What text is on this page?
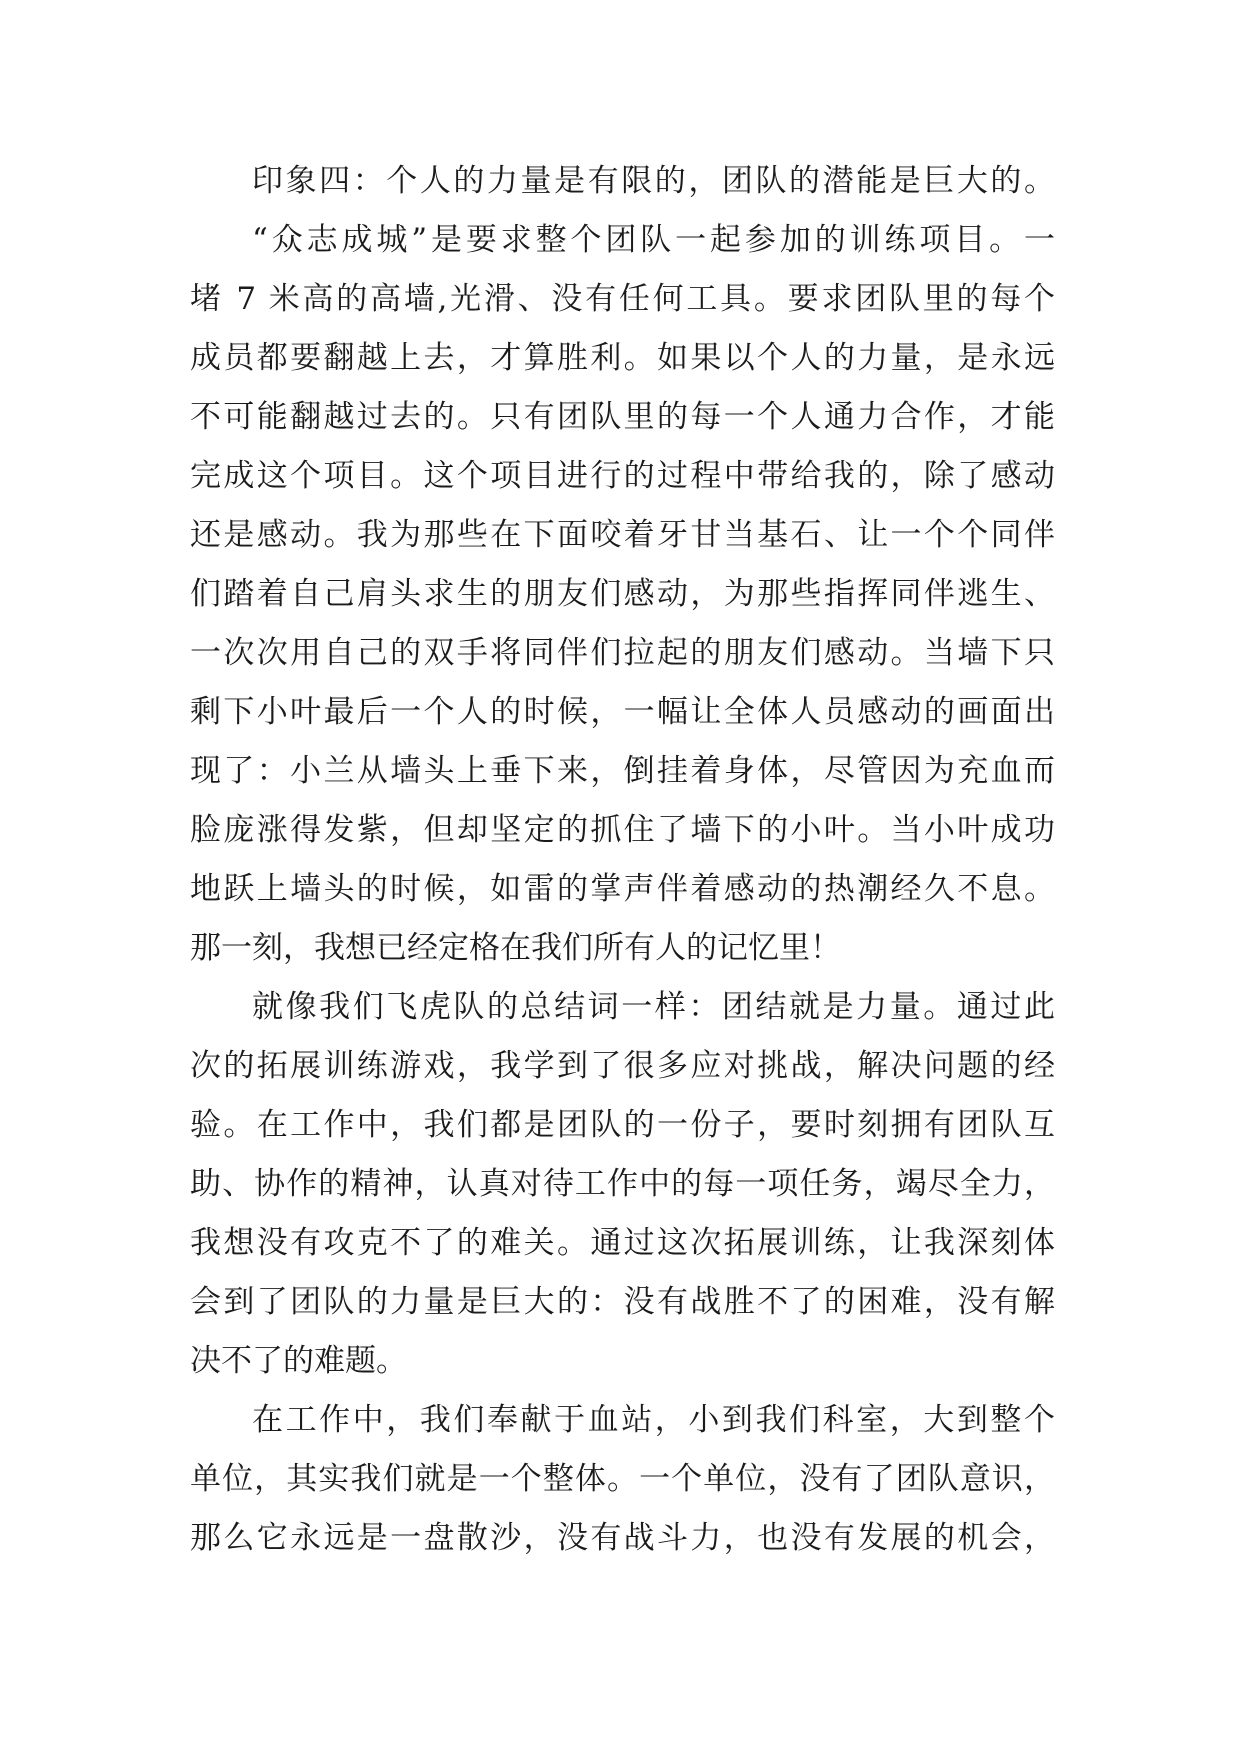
印象四：个人的力量是有限的，团队的潜能是巨大的。
“众志成城”是要求整个团队一起参加的训练项目。一
堵 7 米高的高墙,光滑、没有任何工具。要求团队里的每个
成员都要翻越上去，才算胜利。如果以个人的力量，是永远
不可能翻越过去的。只有团队里的每一个人通力合作，才能
完成这个项目。这个项目进行的过程中带给我的，除了感动
还是感动。我为那些在下面咬着牙甘当基石、让一个个同伴
们踏着自己肩头求生的朋友们感动，为那些指挥同伴逃生、
一次次用自己的双手将同伴们拉起的朋友们感动。当墙下只
剩下小叶最后一个人的时候，一幅让全体人员感动的画面出
现了：小兰从墙头上垂下来，倒挂着身体，尽管因为充血而
脸庞涨得发紫，但却坚定的抓住了墙下的小叶。当小叶成功
地跃上墙头的时候，如雷的掌声伴着感动的热潮经久不息。
那一刻，我想已经定格在我们所有人的记忆里！
就像我们飞虎队的总结词一样：团结就是力量。通过此
次的拓展训练游戏，我学到了很多应对挑战，解决问题的经
验。在工作中，我们都是团队的一份子，要时刻拥有团队互
助、协作的精神，认真对待工作中的每一项任务，竭尽全力，
我想没有攻克不了的难关。通过这次拓展训练，让我深刻体
会到了团队的力量是巨大的：没有战胜不了的困难，没有解
决不了的难题。
在工作中，我们奉献于血站，小到我们科室，大到整个
单位，其实我们就是一个整体。一个单位，没有了团队意识，
那么它永远是一盘散沙，没有战斗力，也没有发展的机会，
